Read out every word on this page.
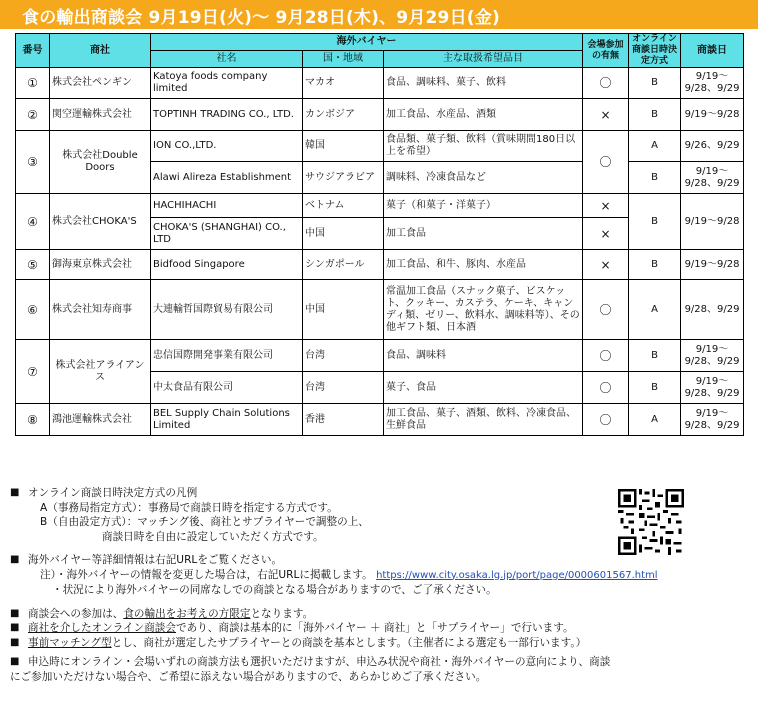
食の輸出商談会 9月19日(火)～ 9月28日(木)、9月29日(金)
番号	商社	海外バイヤー			会場参加の有無	オンライン商談日時決定方式	商談日
		社名	国・地域	主な取扱希望品目			
①	株式会社ペンギン	Katoya foods company limited	マカオ	食品、調味料、菓子、飲料	〇	B	9/19～9/28、9/29
②	関空運輸株式会社	TOPTINH TRADING CO., LTD.	カンボジア	加工食品、水産品、酒類	×	B	9/19～9/28
③	株式会社Double Doors	ION CO.,LTD.	韓国	食品類、菓子類、飲料（賞味期間180日以上を希望）	〇	A	9/26、9/29
		Alawi Alireza Establishment	サウジアラビア	調味料、冷凍食品など		B	9/19～9/28、9/29
④	株式会社CHOKA'S	HACHIHACHI	ベトナム	菓子（和菓子・洋菓子）	×	B	9/19～9/28
		CHOKA'S (SHANGHAI) CO., LTD	中国	加工食品	×		
⑤	御海東京株式会社	Bidfood Singapore	シンガポール	加工食品、和牛、豚肉、水産品	×	B	9/19～9/28
⑥	株式会社知寿商事	大連輸哲国際貿易有限公司	中国	常温加工食品（スナック菓子、ビスケット、クッキー、カステラ、ケーキ、キャンディ類、ゼリー、飲料水、調味料等）、その他ギフト類、日本酒	〇	A	9/28、9/29
⑦	株式会社アライアンス	忠信国際開発事業有限公司	台湾	食品、調味料	〇	B	9/19～9/28、9/29
		中太食品有限公司	台湾	菓子、食品	〇	B	9/19～9/28、9/29
⑧	鴻池運輸株式会社	BEL Supply Chain Solutions Limited	香港	加工食品、菓子、酒類、飲料、冷凍食品、生鮮食品	〇	A	9/19～9/28、9/29
■ オンライン商談日時決定方式の凡例
A（事務局指定方式）：事務局で商談日時を指定する方式です。
B（自由設定方式）：マッチング後、商社とサプライヤーで調整の上、
商談日時を自由に設定していただく方式です。
■ 海外バイヤー等詳細情報は右記URLをご覧ください。
注）・海外バイヤーの情報を変更した場合は，右記URLに掲載します。 https://www.city.osaka.lg.jp/port/page/0000601567.html
・状況により海外バイヤーの同席なしでの商談となる場合がありますので、ご了承ください。
■ 商談会への参加は、食の輸出をお考えの方限定となります。
■ 商社を介したオンライン商談会であり、商談は基本的に「海外バイヤー ＋ 商社」と「サプライヤー」で行います。
■ 事前マッチング型とし、商社が選定したサプライヤーとの商談を基本とします。（主催者による選定も一部行います。）
■ 申込時にオンライン・会場いずれの商談方法も選択いただけますが、申込み状況や商社・海外バイヤーの意向により、商談
にご参加いただけない場合や、ご希望に添えない場合がありますので、あらかじめご了承ください。
